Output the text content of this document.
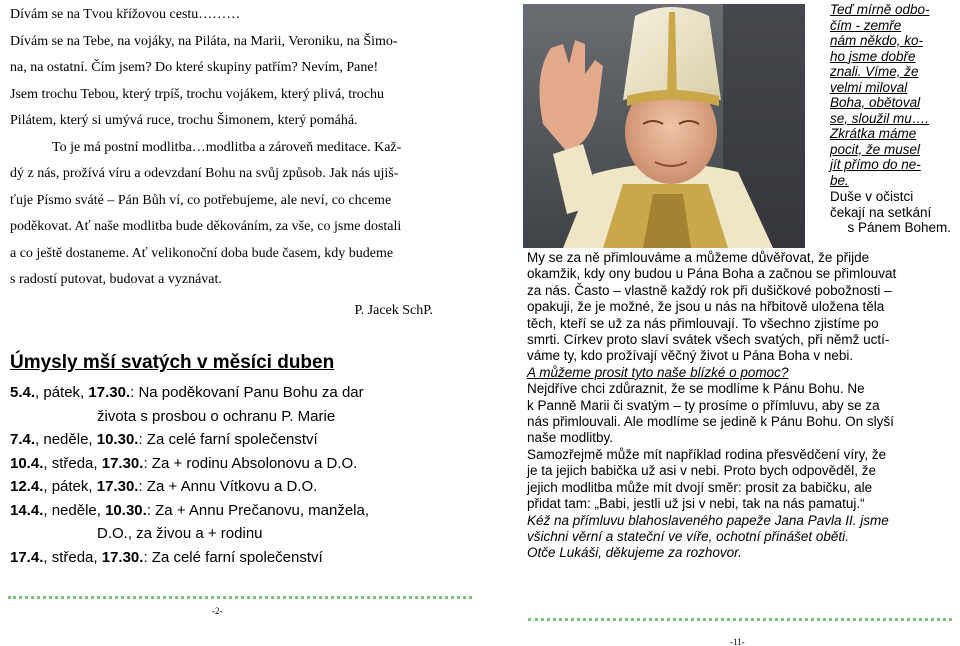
Dívám se na Tvou křížovou cestu………
Dívám se na Tebe, na vojáky, na Piláta, na Marii, Veroniku, na Šimo-
na, na ostatní. Čím jsem? Do které skupiny patřím? Nevím, Pane!
Jsem trochu Tebou, který trpíš, trochu vojákem, který plivá, trochu
Pilátem, který si umývá ruce, trochu Šimonem, který pomáhá.
To je má postní modlitba…modlitba a zároveň meditace. Kaž-
dý z nás, prožívá víru a odevzdaní Bohu na svůj způsob. Jak nás ujiš-
ťuje Písmo sváté – Pán Bůh ví, co potřebujeme, ale neví, co chceme
poděkovat. Ať naše modlitba bude děkováním, za vše, co jsme dostali
a co ještě dostaneme. Ať velikonoční doba bude časem, kdy budeme
s radostí putovat, budovat a vyznávat.
P. Jacek SchP.
Úmysly mší svatých v měsíci duben
5.4., pátek, 17.30.: Na poděkovaní Panu Bohu za dar
života s prosbou o ochranu P. Marie
7.4., neděle, 10.30.: Za celé farní společenství
10.4., středa, 17.30.: Za + rodinu Absolonovu a D.O.
12.4., pátek, 17.30.: Za + Annu Vítkovu a D.O.
14.4., neděle, 10.30.: Za + Annu Prečanovu, manžela,
D.O., za živou a + rodinu
17.4., středa, 17.30.: Za celé farní společenství
-2-
Teď mírně odbo-
čím - zemře
nám někdo, ko-
ho jsme dobře
znali. Víme, že
velmi miloval
Boha, obětoval
se, sloužil mu….
Zkrátka máme
pocit, že musel
jít přímo do ne-
be.
Duše v očistci
čekají na setkání
s Pánem Bohem.
My se za ně přimlouváme a můžeme důvěřovat, že přijde
okamžik, kdy ony budou u Pána Boha a začnou se přimlouvat
za nás. Často – vlastně každý rok při dušičkové pobožnosti –
opakuji, že je možné, že jsou u nás na hřbitově uložena těla
těch, kteří se už za nás přimlouvají. To všechno zjistíme po
smrti. Církev proto slaví svátek všech svatých, při němž uctí-
váme ty, kdo prožívají věčný život u Pána Boha v nebi.
A můžeme prosit tyto naše blízké o pomoc?
Nejdříve chci zdůraznit, že se modlíme k Pánu Bohu. Ne
k Panně Marii či svatým – ty prosíme o přímluvu, aby se za
nás přimlouvali. Ale modlíme se jedině k Pánu Bohu. On slyší
naše modlitby.
Samozřejmě může mít například rodina přesvědčení víry, že
je ta jejich babička už asi v nebi. Proto bych odpověděl, že
jejich modlitba může mít dvojí směr: prosit za babičku, ale
přidat tam: „Babi, jestli už jsi v nebi, tak na nás pamatuj.“
Kéž na přímluvu blahoslaveného papeže Jana Pavla II. jsme
všichni věrní a stateční ve víře, ochotní přinášet oběti.
Otče Lukáši, děkujeme za rozhovor.
-11-
